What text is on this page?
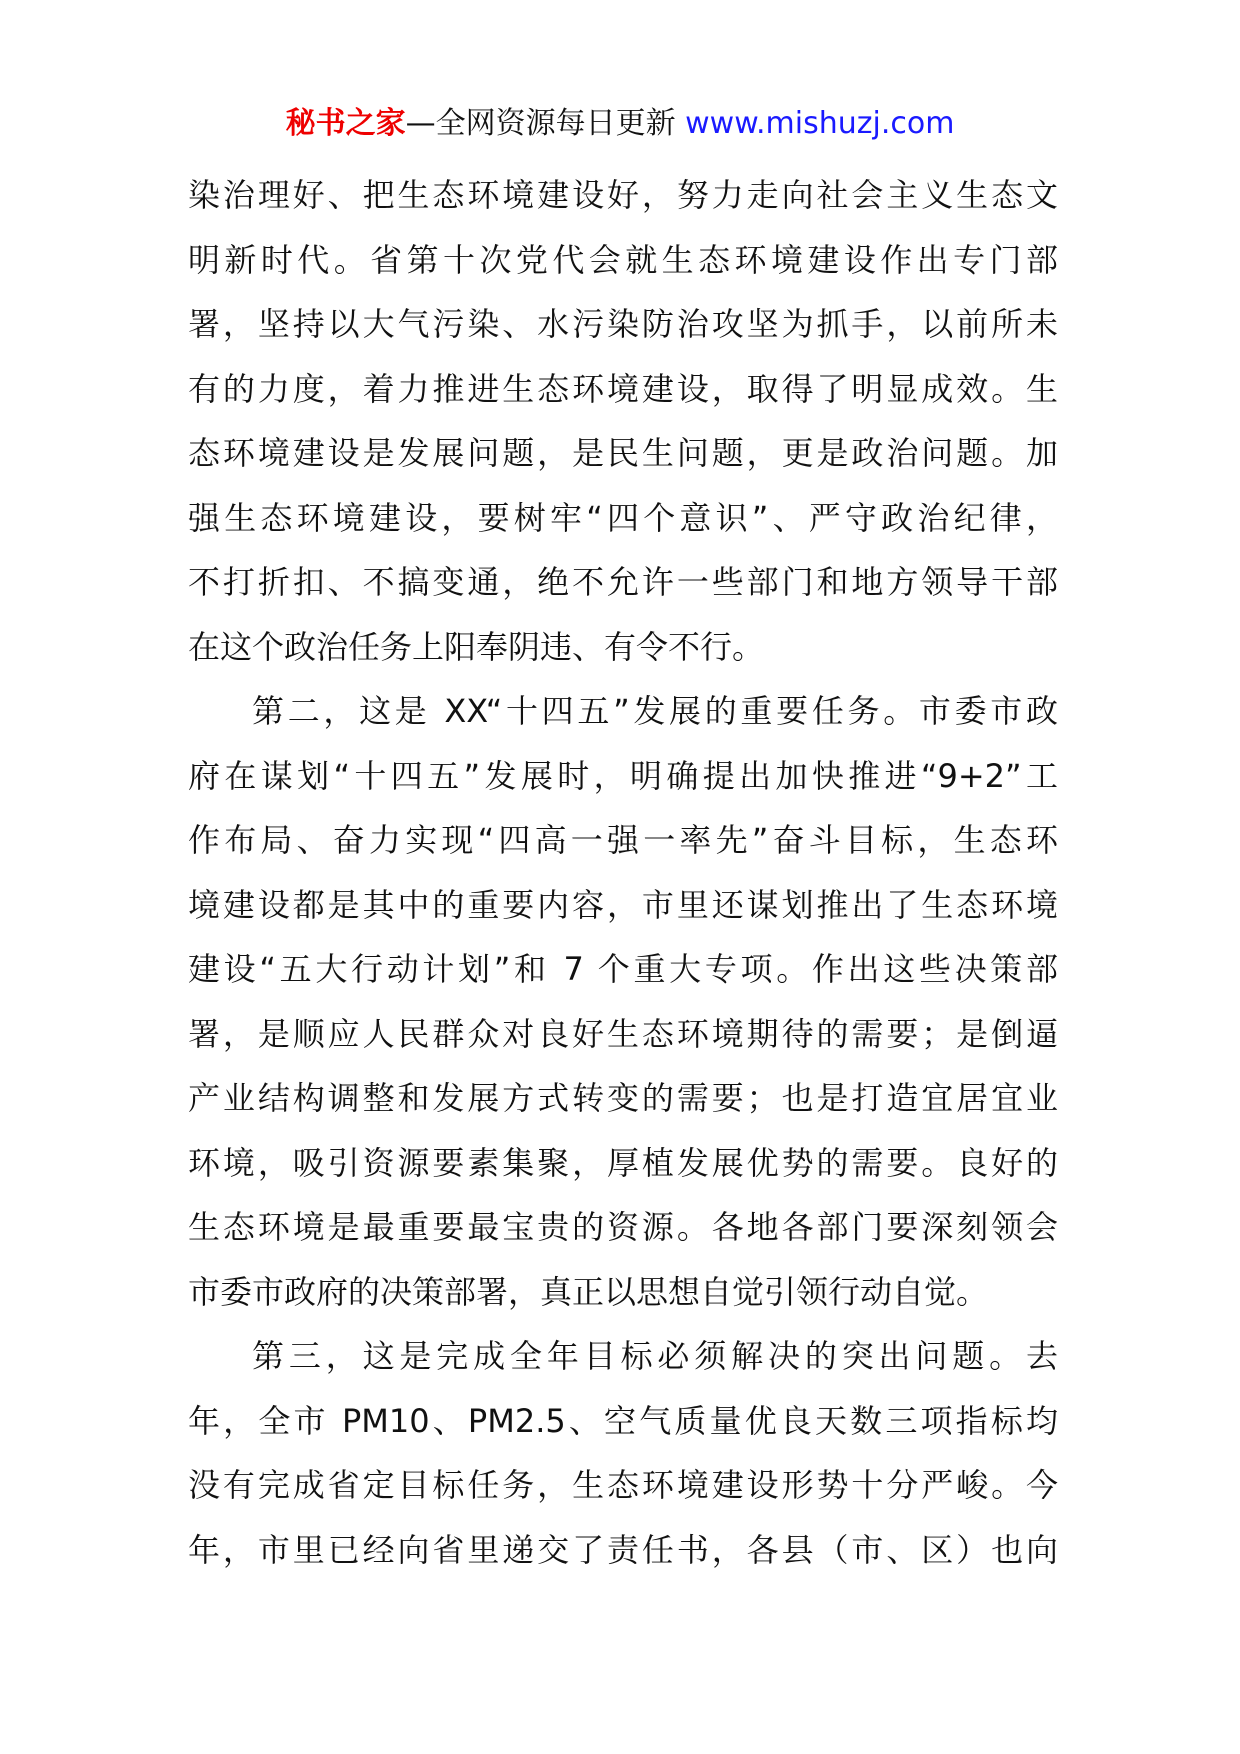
秘书之家—全网资源每日更新 www.mishuzj.com
染治理好、把生态环境建设好，努力走向社会主义生态文
明新时代。省第十次党代会就生态环境建设作出专门部
署，坚持以大气污染、水污染防治攻坚为抓手，以前所未
有的力度，着力推进生态环境建设，取得了明显成效。生
态环境建设是发展问题，是民生问题，更是政治问题。加
强生态环境建设，要树牢“四个意识”、严守政治纪律，
不打折扣、不搞变通，绝不允许一些部门和地方领导干部
在这个政治任务上阳奉阴违、有令不行。
第二，这是 XX“十四五”发展的重要任务。市委市政
府在谋划“十四五”发展时，明确提出加快推进“9+2”工
作布局、奋力实现“四高一强一率先”奋斗目标，生态环
境建设都是其中的重要内容，市里还谋划推出了生态环境
建设“五大行动计划”和 7 个重大专项。作出这些决策部
署，是顺应人民群众对良好生态环境期待的需要；是倒逼
产业结构调整和发展方式转变的需要；也是打造宜居宜业
环境，吸引资源要素集聚，厚植发展优势的需要。良好的
生态环境是最重要最宝贵的资源。各地各部门要深刻领会
市委市政府的决策部署，真正以思想自觉引领行动自觉。
第三，这是完成全年目标必须解决的突出问题。去
年，全市 PM10、PM2.5、空气质量优良天数三项指标均
没有完成省定目标任务，生态环境建设形势十分严峻。今
年，市里已经向省里递交了责任书，各县（市、区）也向
